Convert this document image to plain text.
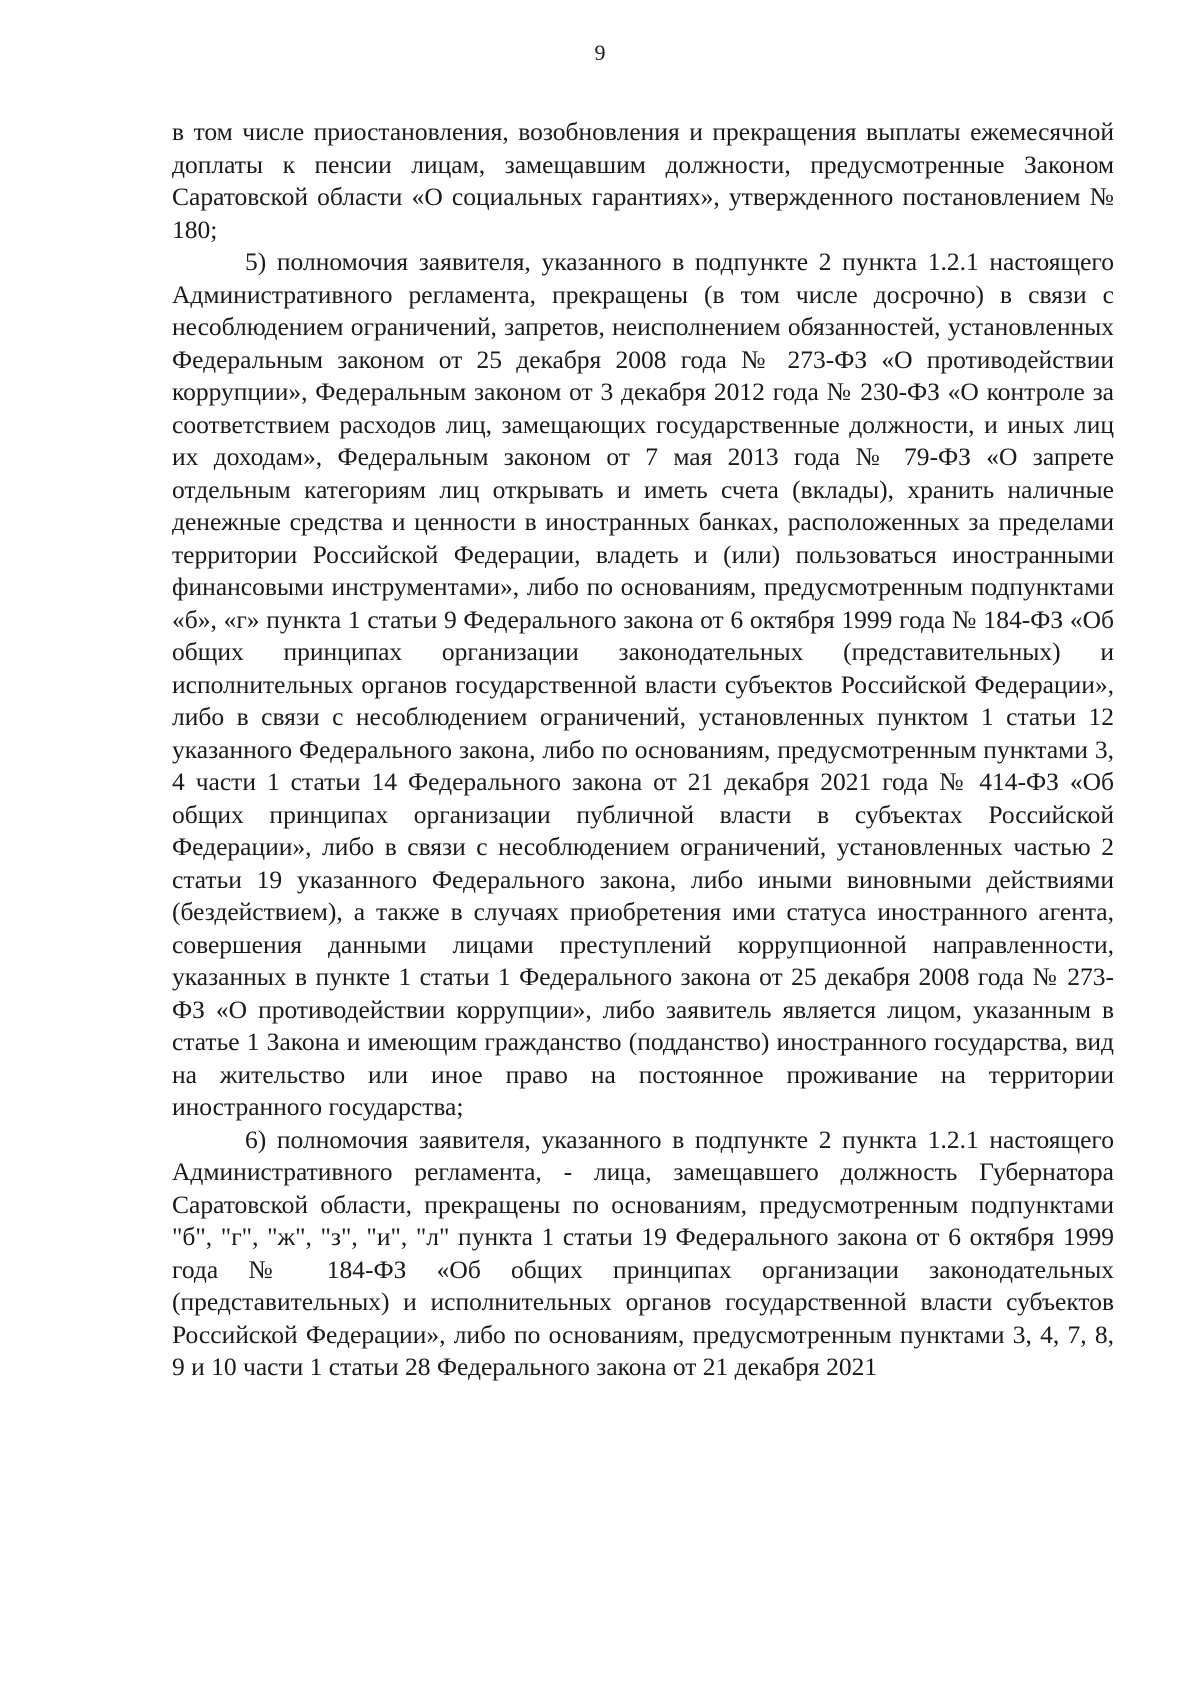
9

в том числе приостановления, возобновления и прекращения выплаты ежемесячной доплаты к пенсии лицам, замещавшим должности, предусмотренные Законом Саратовской области «О социальных гарантиях», утвержденного постановлением № 180;

5) полномочия заявителя, указанного в подпункте 2 пункта 1.2.1 настоящего Административного регламента, прекращены (в том числе досрочно) в связи с несоблюдением ограничений, запретов, неисполнением обязанностей, установленных Федеральным законом от 25 декабря 2008 года № 273-ФЗ «О противодействии коррупции», Федеральным законом от 3 декабря 2012 года № 230-ФЗ «О контроле за соответствием расходов лиц, замещающих государственные должности, и иных лиц их доходам», Федеральным законом от 7 мая 2013 года № 79-ФЗ «О запрете отдельным категориям лиц открывать и иметь счета (вклады), хранить наличные денежные средства и ценности в иностранных банках, расположенных за пределами территории Российской Федерации, владеть и (или) пользоваться иностранными финансовыми инструментами», либо по основаниям, предусмотренным подпунктами «б», «г» пункта 1 статьи 9 Федерального закона от 6 октября 1999 года № 184-ФЗ «Об общих принципах организации законодательных (представительных) и исполнительных органов государственной власти субъектов Российской Федерации», либо в связи с несоблюдением ограничений, установленных пунктом 1 статьи 12 указанного Федерального закона, либо по основаниям, предусмотренным пунктами 3, 4 части 1 статьи 14 Федерального закона от 21 декабря 2021 года № 414-ФЗ «Об общих принципах организации публичной власти в субъектах Российской Федерации», либо в связи с несоблюдением ограничений, установленных частью 2 статьи 19 указанного Федерального закона, либо иными виновными действиями (бездействием), а также в случаях приобретения ими статуса иностранного агента, совершения данными лицами преступлений коррупционной направленности, указанных в пункте 1 статьи 1 Федерального закона от 25 декабря 2008 года № 273-ФЗ «О противодействии коррупции», либо заявитель является лицом, указанным в статье 1 Закона и имеющим гражданство (подданство) иностранного государства, вид на жительство или иное право на постоянное проживание на территории иностранного государства;

6) полномочия заявителя, указанного в подпункте 2 пункта 1.2.1 настоящего Административного регламента, - лица, замещавшего должность Губернатора Саратовской области, прекращены по основаниям, предусмотренным подпунктами "б", "г", "ж", "з", "и", "л" пункта 1 статьи 19 Федерального закона от 6 октября 1999 года № 184-ФЗ «Об общих принципах организации законодательных (представительных) и исполнительных органов государственной власти субъектов Российской Федерации», либо по основаниям, предусмотренным пунктами 3, 4, 7, 8, 9 и 10 части 1 статьи 28 Федерального закона от 21 декабря 2021
